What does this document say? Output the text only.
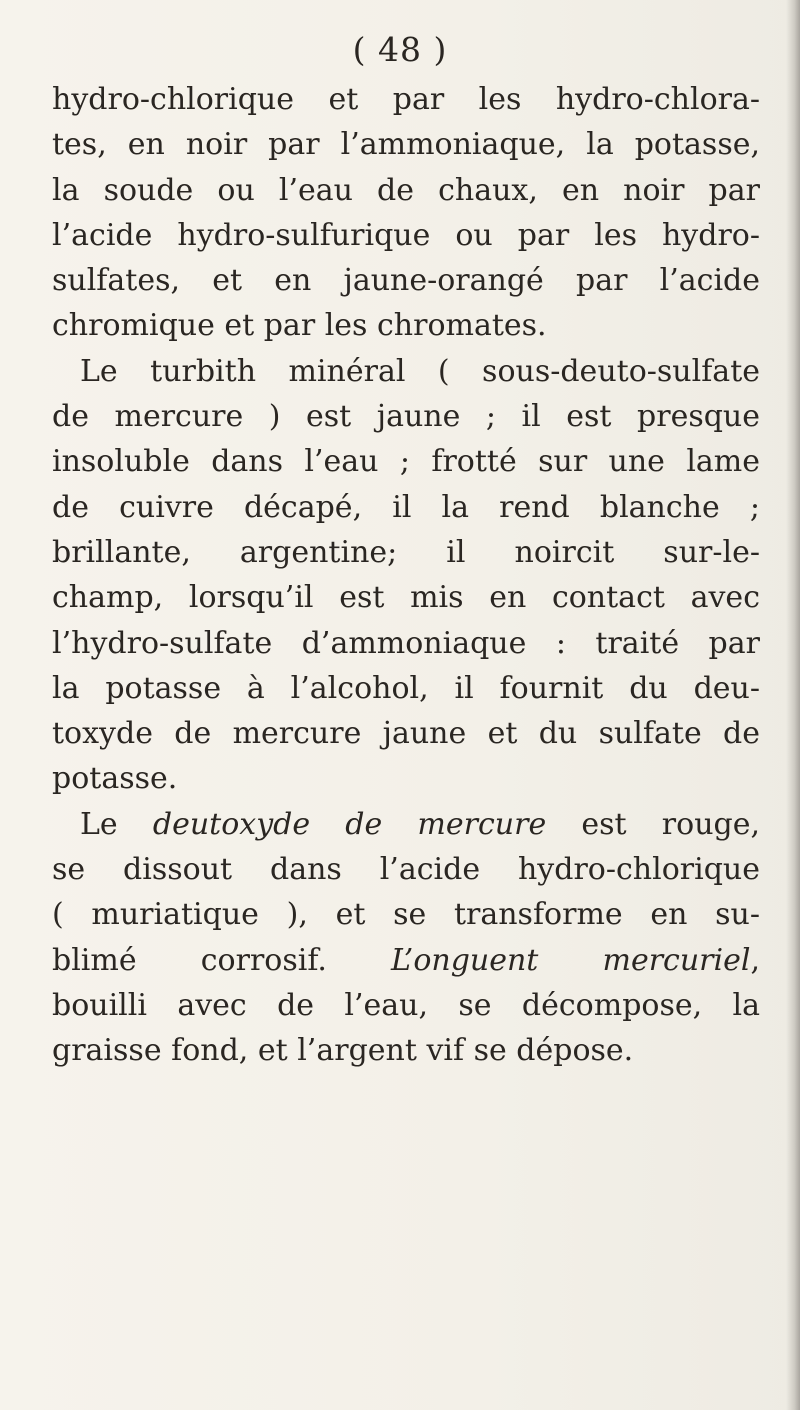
( 48 )
hydro-chlorique et par les hydro-chlora-
tes, en noir par l’ammoniaque, la potasse,
la soude ou l’eau de chaux, en noir par
l’acide hydro-sulfurique ou par les hydro-
sulfates, et en jaune-orangé par l’acide
chromique et par les chromates.
Le turbith minéral ( sous-deuto-sulfate
de mercure ) est jaune ; il est presque
insoluble dans l’eau ; frotté sur une lame
de cuivre décapé, il la rend blanche ;
brillante, argentine; il noircit sur-le-
champ, lorsqu’il est mis en contact avec
l’hydro-sulfate d’ammoniaque : traité par
la potasse à l’alcohol, il fournit du deu-
toxyde de mercure jaune et du sulfate de
potasse.
Le deutoxyde de mercure est rouge,
se dissout dans l’acide hydro-chlorique
( muriatique ), et se transforme en su-
blimé corrosif. L’onguent mercuriel,
bouilli avec de l’eau, se décompose, la
graisse fond, et l’argent vif se dépose.
